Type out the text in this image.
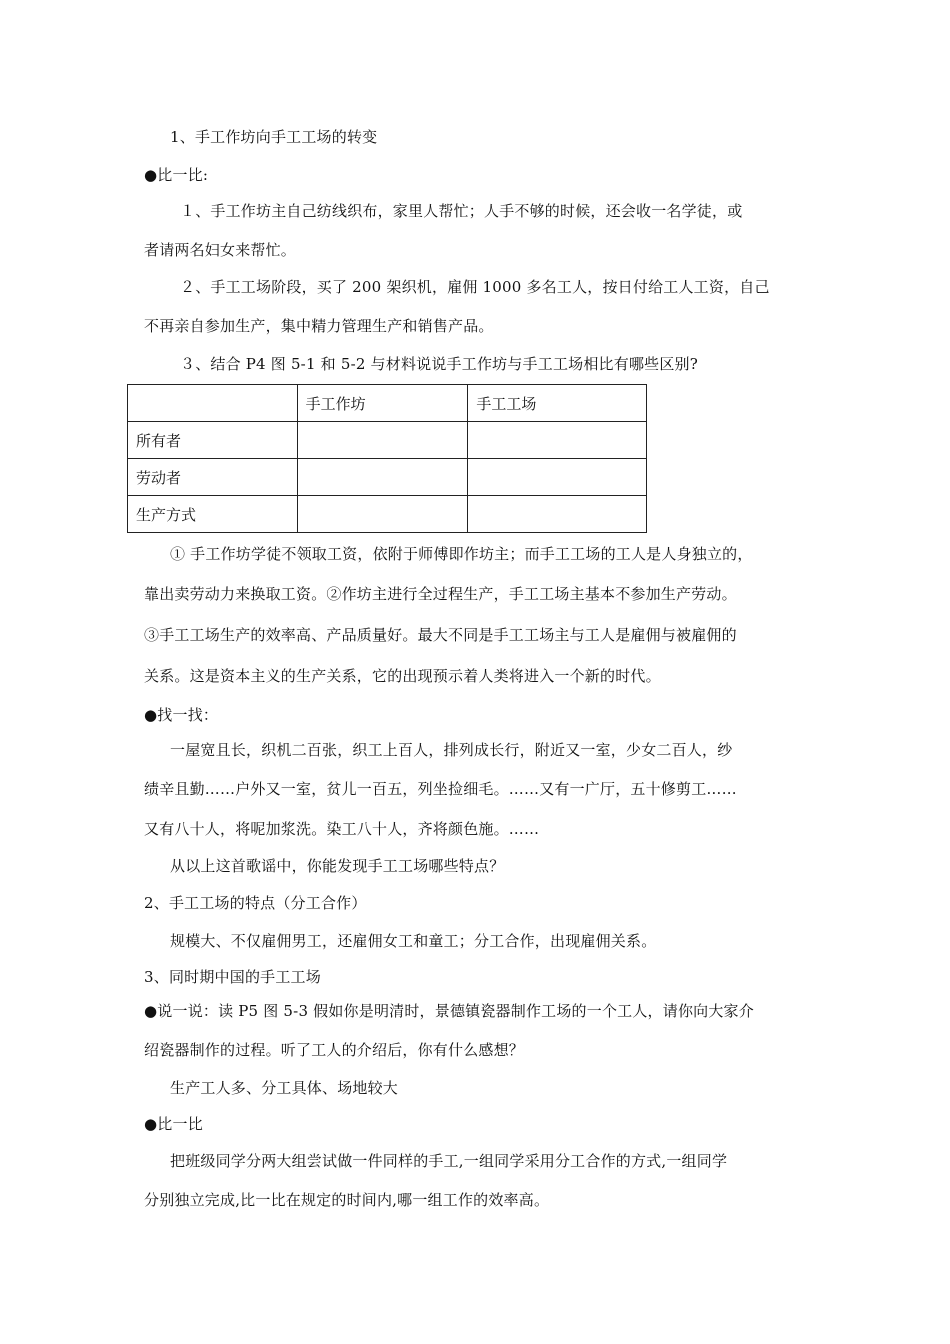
1、手工作坊向手工工场的转变
●比一比:
１、手工作坊主自己纺线织布，家里人帮忙；人手不够的时候，还会收一名学徒，或
者请两名妇女来帮忙。
２、手工工场阶段，买了 200 架织机，雇佣 1000 多名工人，按日付给工人工资，自己
不再亲自参加生产，集中精力管理生产和销售产品。
３、结合 P4 图 5-1 和 5-2 与材料说说手工作坊与手工工场相比有哪些区别?
	手工作坊	手工工场
所有者		
劳动者		
生产方式		
① 手工作坊学徒不领取工资，依附于师傅即作坊主；而手工工场的工人是人身独立的，
靠出卖劳动力来换取工资。②作坊主进行全过程生产，手工工场主基本不参加生产劳动。
③手工工场生产的效率高、产品质量好。最大不同是手工工场主与工人是雇佣与被雇佣的
关系。这是资本主义的生产关系，它的出现预示着人类将进入一个新的时代。
●找一找：
一屋宽且长，织机二百张，织工上百人，排列成长行，附近又一室，少女二百人，纱
绩辛且勤……户外又一室，贫儿一百五，列坐捡细毛。……又有一广厅，五十修剪工……
又有八十人，将呢加浆洗。染工八十人，齐将颜色施。……
从以上这首歌谣中，你能发现手工工场哪些特点？
2、手工工场的特点（分工合作）
规模大、不仅雇佣男工，还雇佣女工和童工；分工合作，出现雇佣关系。
3、同时期中国的手工工场
●说一说：读 P5 图 5-3 假如你是明清时，景德镇瓷器制作工场的一个工人，请你向大家介
绍瓷器制作的过程。听了工人的介绍后，你有什么感想？
生产工人多、分工具体、场地较大
●比一比
把班级同学分两大组尝试做一件同样的手工,一组同学采用分工合作的方式,一组同学
分别独立完成,比一比在规定的时间内,哪一组工作的效率高。
